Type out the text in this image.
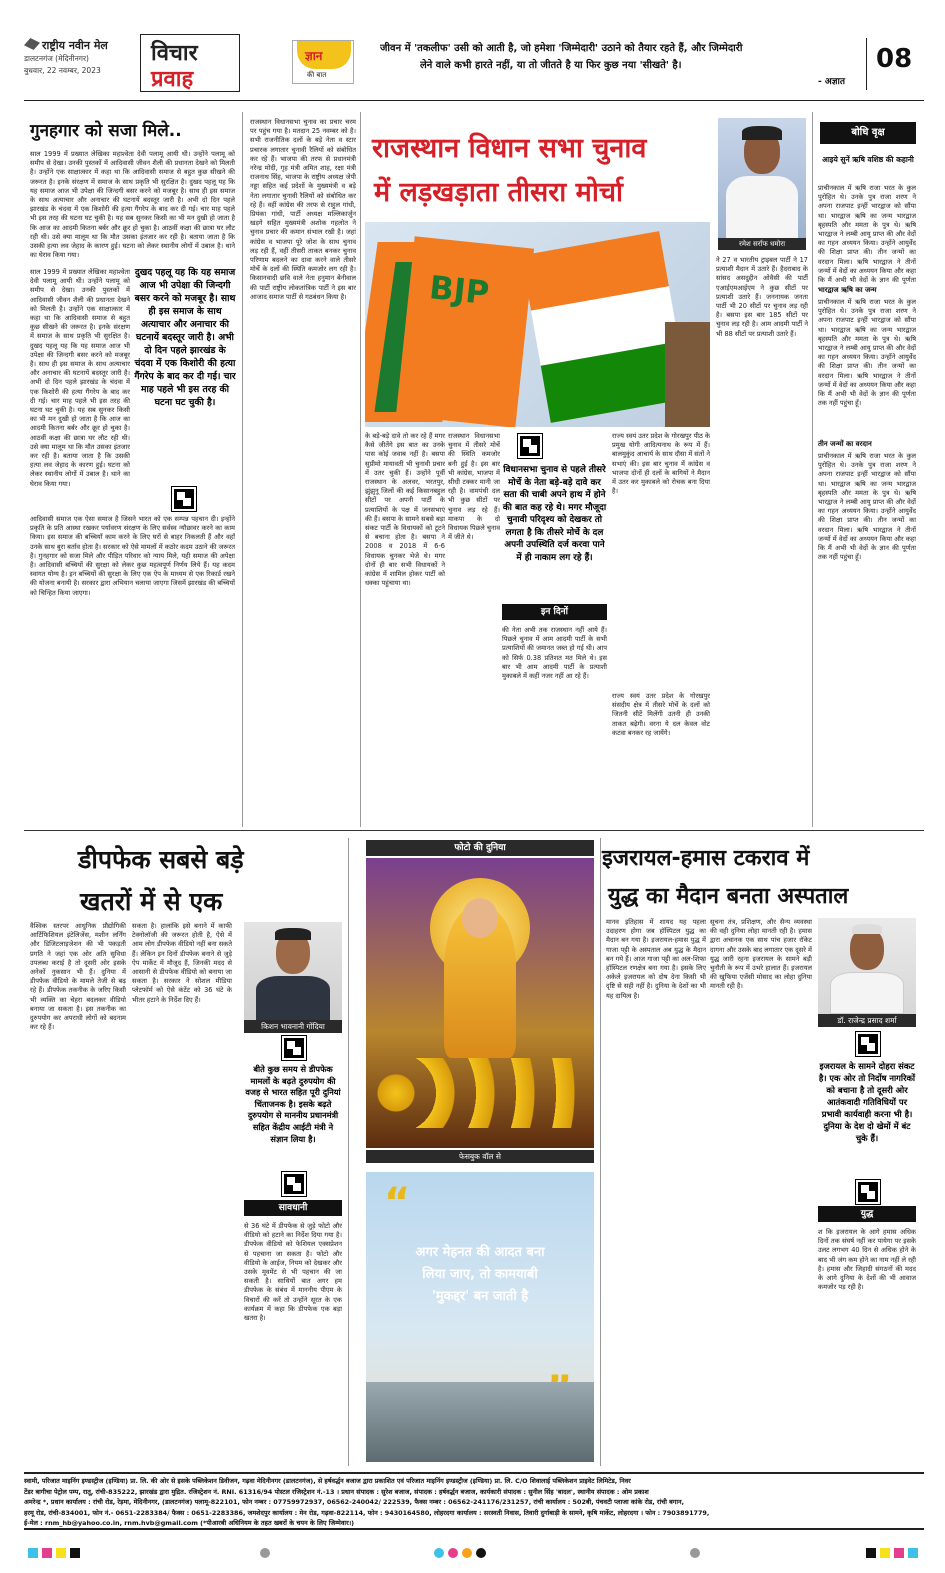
राष्ट्रीय नवीन मेल
डालटनगंज (मेदिनीनगर)
बुधवार, 22 नवम्बर, 2023
विचार
प्रवाह
ज्ञान
की बात
जीवन में 'तकलीफ' उसी को आती है, जो हमेशा 'जिम्मेदारी' उठाने को तैयार रहते हैं, और जिम्मेदारी
लेने वाले कभी हारते नहीं, या तो जीतते है या फिर कुछ नया 'सीखते' है।
- अज्ञात
08
गुनहगार को सजा मिले..
साल 1999 में प्रख्यात लेखिका महाश्वेता देवी पलामू आयी थी। उन्होंने पलामू को समीप से देखा। उनकी पुस्तकों में आदिवासी जीवन शैली की प्रधानता देखने को मिलती है। उन्होंने एक साक्षात्कार में कहा था कि आदिवासी समाज से बहुत कुछ सीखने की जरूरत है। इनके संरक्षण में समाज के साथ प्रकृति भी सुरक्षित है। दुखद पहलू यह कि यह समाज आज भी उपेक्षा की जिन्दगी बसर करने को मजबूर है। साथ ही इस समाज के साथ अत्याचार और अनाचार की घटनायें बदस्तूर जारी है। अभी दो दिन पहले झारखंड के चंदवा में एक किशोरी की हत्या गैंगरेप के बाद कर दी गई। चार माह पहले भी इस तरह की घटना घट चुकी है। यह सब सुनकर किसी का भी मन दुखी हो जाता है कि आज का आदमी कितना बर्बर और क्रूर हो चुका है। आठवीं कक्षा की छात्रा घर लौट रही थी। उसे क्या मालूम था कि मौत उसका इंतजार कर रही है। बताया जाता है कि उसकी हत्या लव जेहाद के कारण हुई। घटना को लेकर स्थानीय लोगों में उबाल है। थाने का घेराव किया गया।
साल 1999 में प्रख्यात लेखिका महाश्वेता देवी पलामू आयी थी। उन्होंने पलामू को समीप से देखा। उनकी पुस्तकों में आदिवासी जीवन शैली की प्रधानता देखने को मिलती है। उन्होंने एक साक्षात्कार में कहा था कि आदिवासी समाज से बहुत कुछ सीखने की जरूरत है। इनके संरक्षण में समाज के साथ प्रकृति भी सुरक्षित है। दुखद पहलू यह कि यह समाज आज भी उपेक्षा की जिन्दगी बसर करने को मजबूर है। साथ ही इस समाज के साथ अत्याचार और अनाचार की घटनायें बदस्तूर जारी है। अभी दो दिन पहले झारखंड के चंदवा में एक किशोरी की हत्या गैंगरेप के बाद कर दी गई। चार माह पहले भी इस तरह की घटना घट चुकी है। यह सब सुनकर किसी का भी मन दुखी हो जाता है कि आज का आदमी कितना बर्बर और क्रूर हो चुका है। आठवीं कक्षा की छात्रा घर लौट रही थी। उसे क्या मालूम था कि मौत उसका इंतजार कर रही है। बताया जाता है कि उसकी हत्या लव जेहाद के कारण हुई। घटना को लेकर स्थानीय लोगों में उबाल है। थाने का घेराव किया गया।
दुखद पहलू यह कि यह समाज आज भी उपेक्षा की जिन्दगी बसर करने को मजबूर है। साथ ही इस समाज के साथ अत्याचार और अनाचार की घटनायें बदस्तूर जारी है। अभी दो दिन पहले झारखंड के चंदवा में एक किशोरी की हत्या गैंगरेप के बाद कर दी गई। चार माह पहले भी इस तरह की घटना घट चुकी है।
आदिवासी समाज एक ऐसा समाज है जिसने भारत को एक सम्पन्न पहचान दी। इन्होंने प्रकृति के प्रति आस्था रखकर पर्यावरण संरक्षण के लिए सर्वस्व न्यौछावर करने का काम किया। इस समाज की बच्चियाँ काम करने के लिए घरों से बाहर निकलती हैं और वहाँ उनके साथ बुरा बर्ताव होता है। सरकार को ऐसे मामलों में कठोर कदम उठाने की जरूरत है। गुनहगार को सजा मिले और पीड़ित परिवार को न्याय मिले, यही समाज की अपेक्षा है। आदिवासी बच्चियों की सुरक्षा को लेकर कुछ महत्वपूर्ण निर्णय लिये हैं। यह कदम स्वागत योग्य है। इन बच्चियों की सुरक्षा के लिए एक ऐप के माध्यम से एक रिकार्ड रखने की योजना बनायी है। सरकार द्वारा अभियान चलाया जाएगा जिसमें झारखंड की बच्चियों को चिन्हित किया जाएगा।
राजस्थान विधानसभा चुनाव का प्रचार चरम पर पहुंच गया है। मतदान 25 नवम्बर को है। सभी राजनीतिक दलों के बड़े नेता व स्टार प्रचारक लगातार चुनावी रैलियों को संबोधित कर रहे हैं। भाजपा की तरफ से प्रधानमंत्री नरेन्द्र मोदी, गृह मंत्री अमित शाह, रक्षा मंत्री राजनाथ सिंह, भाजपा के राष्ट्रीय अध्यक्ष जेपी नड्डा सहित कई प्रदेशों के मुख्यमंत्री व बड़े नेता लगातार चुनावी रैलियों को संबोधित कर रहे हैं। वहीं कांग्रेस की तरफ से राहुल गांधी, प्रियंका गांधी, पार्टी अध्यक्ष मल्लिकार्जुन खड़गे सहित मुख्यमंत्री अशोक गहलोत ने चुनाव प्रचार की कमान संभाल रखी है। जहां कांग्रेस व भाजपा पूरे जोश के साथ चुनाव लड़ रही हैं, वहीं तीसरी ताकत बनकर चुनाव परिणाम बदलने का दावा करने वाले तीसरे मोर्चे के दलों की स्थिति कमजोर लग रही है। किसानवादी छवि वाले नेता हनुमान बेनीवाल की पार्टी राष्ट्रीय लोकतांत्रिक पार्टी ने इस बार आजाद समाज पार्टी से गठबंधन किया है।
राजस्थान विधान सभा चुनाव
में लड़खड़ाता तीसरा मोर्चा
BJP
रमेश सर्राफ धमोरा
ने 27 व भारतीय ट्राइबल पार्टी ने 17 प्रत्याशी मैदान में उतारे हैं। हैदराबाद के सांसद असदुद्दीन ओवैसी की पार्टी एआईएमआईएम ने कुछ सीटों पर प्रत्याशी उतारे हैं। जननायक जनता पार्टी भी 20 सीटों पर चुनाव लड़ रही है। बसपा इस बार 185 सीटों पर चुनाव लड़ रही है। आम आदमी पार्टी ने भी 88 सीटों पर प्रत्याशी उतारे हैं।
के बड़े-बड़े दावे तो कर रहे हैं मगर कैसे जीतेंगे इस बात का उनके पास कोई जवाब नहीं है। बसपा सुप्रीमो मायावती भी चुनावी प्रचार में उतर चुकी हैं। उन्होंने पूर्वी राजस्थान के अलवर, भरतपुर, झुंझुनू जिलों की कई किसानबहुल सीटों पर अपनी पार्टी के प्रत्याशियों के पक्ष में जनसभाएं की हैं। बसपा के सामने सबसे बड़ा संकट पार्टी के विधायकों को टूटने से बचाना होता है। बसपा ने 2008 व 2018 में 6-6 विधायक चुनकर भेजे थे। मगर दोनों ही बार सभी विधायकों ने कांग्रेस में शामिल होकर पार्टी को धक्का पहुंचाया था।
राजस्थान विधानसभा चुनाव में तीसरे मोर्चे की स्थिति कमजोर बनी हुई है। इस बार भी कांग्रेस, भाजपा में सीधी टक्कर मानी जा रही है। वामपंथी दल भी कुछ सीटों पर चुनाव लड़ रहे हैं। माकपा के दो विधायक पिछले चुनाव में जीते थे।
विधानसभा चुनाव से पहले तीसरे मोर्चे के नेता बड़े-बड़े दावे कर सता की चाबी अपने हाथ में होने की बात कह रहे थे। मगर मौजूदा चुनावी परिदृश्य को देखकर तो लगता है कि तीसरे मोर्चे के दल अपनी उपस्थिति दर्ज करवा पाने में ही नाकाम लग रहे हैं।
इन दिनों
की नेता अभी तक राजस्थान नहीं आये हैं। पिछले चुनाव में आम आदमी पार्टी के सभी प्रत्याशियों की जमानत जब्त हो गई थी। आप को सिर्फ 0.38 प्रतिशत मत मिले थे। इस बार भी आम आदमी पार्टी के प्रत्याशी मुकाबले में कहीं नजर नहीं आ रहे हैं।
राज्य स्वयं उतर प्रदेश के गोरखपुर पीठ के प्रमुख योगी आदित्यनाथ के रूप में हैं। बालमुकुंद आचार्य के साथ दौसा में संतों ने सभाएं की। इस बार चुनाव में कांग्रेस व भाजपा दोनों ही दलों के बागियों ने मैदान में उतर कर मुकाबले को रोचक बना दिया है।
राज्य स्वयं उतर प्रदेश के गोरखपुर संसदीय क्षेत्र में तीसरे मोर्चे के दलों को जितनी सीटें मिलेंगी उतनी ही उनकी ताकत बढ़ेगी। वरना ये दल केवल वोट कटवा बनकर रह जायेंगे।
बोधि वृक्ष
आइये सुनें ऋषि वशिष्ठ की कहानी
प्राचीनकाल में ऋषि राजा भरत के कुल पुरोहित थे। उनके पुत्र राजा शरण ने अपना राजपाट इन्हीं भारद्वाज को सौंपा था। भारद्वाज ऋषि का जन्म भारद्वाज बृहस्पति और ममता के पुत्र थे। ऋषि भारद्वाज ने लम्बी आयु प्राप्त की और वेदों का गहन अध्ययन किया। उन्होंने आयुर्वेद की शिक्षा प्राप्त की। तीन जन्मों का वरदान मिला। ऋषि भारद्वाज ने तीनों जन्मों में वेदों का अध्ययन किया और कहा कि मैं अभी भी वेदों के ज्ञान की पूर्णता
भारद्वाज ऋषि का जन्म
प्राचीनकाल में ऋषि राजा भरत के कुल पुरोहित थे। उनके पुत्र राजा शरण ने अपना राजपाट इन्हीं भारद्वाज को सौंपा था। भारद्वाज ऋषि का जन्म भारद्वाज बृहस्पति और ममता के पुत्र थे। ऋषि भारद्वाज ने लम्बी आयु प्राप्त की और वेदों का गहन अध्ययन किया। उन्होंने आयुर्वेद की शिक्षा प्राप्त की। तीन जन्मों का वरदान मिला। ऋषि भारद्वाज ने तीनों जन्मों में वेदों का अध्ययन किया और कहा कि मैं अभी भी वेदों के ज्ञान की पूर्णता तक नहीं पहुंचा हूँ।
तीन जन्मों का वरदान
प्राचीनकाल में ऋषि राजा भरत के कुल पुरोहित थे। उनके पुत्र राजा शरण ने अपना राजपाट इन्हीं भारद्वाज को सौंपा था। भारद्वाज ऋषि का जन्म भारद्वाज बृहस्पति और ममता के पुत्र थे। ऋषि भारद्वाज ने लम्बी आयु प्राप्त की और वेदों का गहन अध्ययन किया। उन्होंने आयुर्वेद की शिक्षा प्राप्त की। तीन जन्मों का वरदान मिला। ऋषि भारद्वाज ने तीनों जन्मों में वेदों का अध्ययन किया और कहा कि मैं अभी भी वेदों के ज्ञान की पूर्णता तक नहीं पहुंचा हूँ।
डीपफेक सबसे बड़े
खतरों में से एक
वैश्विक स्तरपर आधुनिक प्रौद्योगिकी आर्टिफिशियल इंटेलिजेंस, मशीन लर्निंग और डिजिटलाइजेशन की भी पकड़ती प्रगति ने जहां एक ओर अति सुविधा उपलब्ध कराई है तो दूसरी ओर इसके अनेकों नुकसान भी हैं। दुनिया में डीपफेक वीडियो के मामले तेजी से बढ़ रहे हैं। डीपफेक तकनीक के जरिए किसी भी व्यक्ति का चेहरा बदलकर वीडियो बनाया जा सकता है। इस तकनीक का दुरुपयोग कर अपराधी लोगों को बदनाम कर रहे हैं।
सकता है। हालांकि इसे बनाने में काफी टेक्नोलॉजी की जरूरत होती है, ऐसे में आम लोग डीपफेक वीडियो नहीं बना सकते हैं। लेकिन इन दिनों डीपफेक बनाने से जुड़े ऐप मार्केट में मौजूद हैं, जिनकी मदद से आसानी से डीपफेक वीडियो को बनाया जा सकता है। सरकार ने सोशल मीडिया प्लेटफॉर्म को ऐसे कंटेंट को 36 घंटे के भीतर हटाने के निर्देश दिए हैं।
किशन भावनानी गोंदिया
बीते कुछ समय से डीपफेक मामलों के बढ़ते दुरुपयोग की वजह से भारत सहित पूरी दुनियां चिंताजनक है। इसके बढ़ते दुरुपयोग से माननीय प्रधानमंत्री सहित केंद्रीय आईटी मंत्री ने संज्ञान लिया है।
सावधानी
से 36 घंटे में डीपफेक से जुड़े फोटो और वीडियो को हटाने का निर्देश दिया गया है। डीपफेक वीडियो को फेशियल एक्सप्रेशन से पहचाना जा सकता है। फोटो और वीडियो के आईज, नियम को देखकर और उसके मूवमेंट से भी पहचान की जा सकती है। साथियों बात अगर हम डीपफेक के संबंध में माननीय पीएम के विचारों की करें तो उन्होंने सूरत के एक कार्यक्रम में कहा कि डीपफेक एक बड़ा खतरा है।
फोटो की दुनिया
फेसबुक वॉल से
“
अगर मेहनत की आदत बना
लिया जाए, तो कामयाबी
'मुकद्दर' बन जाती है
इजरायल-हमास टकराव में
युद्ध का मैदान बनता अस्पताल
मानव इतिहास में शायद यह पहला उदाहरण होगा जब हॉस्पिटल युद्ध का मैदान बन गया है। इजरायल-हमास युद्ध में गाजा पट्टी के अस्पताल अब युद्ध के मैदान बन गये हैं। आज गाजा पट्टी का अल-शिफा हॉस्पिटल रणक्षेत्र बना गया है। इसके लिए अकेले इजरायल को दोष देना किसी भी दृष्टि से सही नहीं है। दुनिया के देशों का भी यह दायित्व है।
सूचना तंत्र, प्रशिक्षण, और सैन्य व्यवस्था की वही दुनिया लोहा मानती रही है। हमास द्वारा अचानक एक साथ पांच हजार रॉकेट दागना और उसके बाद लगातार एक दूसरे में युद्ध जारी रहना इजरायल के सामने बड़ी चुनौती के रूप में उभरे हालात हैं। इजरायल की खुफिया एजेंसी मोसाद का लोहा दुनिया मानती रही है।
डॉ. राजेन्द्र प्रसाद शर्मा
इजरायल के सामने दोहरा संकट है। एक ओर तो निर्दोष नागरिकों को बचाना है तो दूसरी ओर आतंकवादी गतिविधियों पर प्रभावी कार्यवाही करना भी है। दुनिया के देश दो खेमों में बंट चुके हैं।
युद्ध
श कि इजरायल के आगे हमास अधिक दिनों तक संघर्ष नहीं कर पायेगा पर इसके उलट लगभग 40 दिन से अधिक होने के बाद भी जंग कम होने का नाम नहीं ले रही है। हमास और जिहादी संगठनों की मदद के आगे दुनिया के देशों की भी आवाज कमजोर पड़ रही है।
स्वामी, परिजात माइनिंग इण्डस्ट्रीज (इण्डिया) प्रा. लि. की ओर से इसके पब्लिकेशन डिवीजन, गढ़वा मेदिनीनगर (डालटनगंज), से हर्षवर्द्धन बजाज द्वारा प्रकाशित एवं परिजात माइनिंग इण्डस्ट्रीज (इण्डिया) प्रा. लि. C/O शिवालाई पब्लिकेशन प्राइवेट लिमिटेड, निवर
टेंडर बागीचा पेट्रोल पम्प, रातू, रांची-835222, झारखंड द्वारा मुद्रित. रजिस्ट्रेशन नं. RNI. 61316/94 पोस्टल रजिस्ट्रेशन नं.-13 । प्रधान संपादक : सुरेश बजाज, संपादक : हर्षवर्द्धन बजाज, कार्यकारी संपादक : सुनील सिंह 'बादल', स्थानीय संपादक : ओम प्रकाश
अमरेन्द्र *, प्रधान कार्यालय : रांची रोड, रेड़मा, मेदिनीनगर, (डालटनगंज) पलामू-822101, फोन नम्बर : 07759972937, 06562-240042/ 222539, फैक्स नम्बर : 06562-241176/231257, रांची कार्यालय : 502बी, पंचवटी प्लाजा कांके रोड, रांची बगान,
हरमू रोड, रांची-834001, फोन नं.- 0651-2283384/ फैक्स : 0651-2283386, जमशेदपुर कार्यालय : मेन रोड, गढ़वा-822114, फोन : 9430164580, लोहरदगा कार्यालय : सरस्वती निवास, तिवारी दुर्गाबाड़ी के सामने, कृषि मार्केट, लोहरदगा । फोन : 7903891779,
ई-मेल : rnm_hb@yahoo.co.in, rnm.hvb@gmail.com (*पीआरबी अधिनियम के तहत खबरों के चयन के लिए जिम्मेवार।)
